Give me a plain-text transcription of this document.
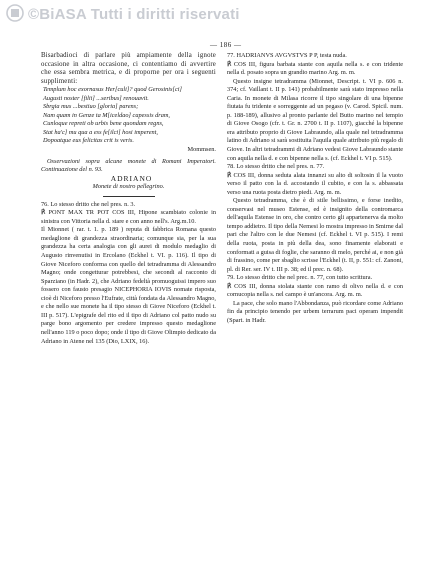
©BiASA Tutti i diritti riservati
— 186 —

Bisarbadioci di parlare più ampiamente della ignote occasione in altra occasione, ci contentiamo di avvertire che essa sembra metrica, e di proporne per ora i seguenti supplimenti:

Templum hoc exornasus Her[culi]? quod Gerosinis[ci]

Augusti noster [filii] ...seribus] renouavit.

Sbrgia mus ...bestiuo [gloria] parens;

Nam quam in Genze ta M[iceldao] capessis dram,

Cunloque repreti ob urbis bene quondam regns,

Stat ha'c] mu qua a ess fe[ilci] hosi imperent,

Dopoatque eus felicitas crit is veris.

Mommsen.

Osservazioni sopra alcune monete di Romani Imperatori. Continuazione del n. 93.

ADRIANO

Monete di nostro pellegrino.

76. Lo stesso dritto che nel pres. n. 3.

℟ PONT MAX TR POT COS III, Hipone scambiato colonie in sinistra con Vittoria nella d. stare e con anno nell's. Arg.m.10.

Il Mionnet ( rar. t. 1. p. 189 ) reputa di fabbrica Romana questo medaglione di grandezza straordinaria; comunque sia, per la sua grandezza ha certa analogia con gli aurei di modulo medaglio di Augusto rinvenutisi in Ercolano (Eckhel t. VI. p. 116). Il tipo di Giove Niceforo conforma con quello del tetradramma di Alessandro Magno; onde congetturar potrebbesi, che secondi al racconto di Sparziano (in Hadr. 2), che Adriano fedeltà promuoguissi impero suo fossero con fausto presagio NICEPHORIA IOVIS nomate risposta, cioè di Niceforo presso l'Eufrate, città fondata da Alessandro Magno, e che nello sue monete ha il tipo stesso di Giove Niceforo (Eckhel t. III p. 517). L'epigrafe del rito ed il tipo di Adriano col patto nudo su parge bono argomento per credere impresso questo medaglione nell'anno 119 o poco dopo; onde il tipo di Giove Olimpio dedicato da Adriano in Atene nel 135 (Dio, LXIX, 16).

77. HADRIANVS AVGVSTVS P P, testa nuda.

℟ COS III, figura barbata stante con aquila nella s. e con tridente nella d. posato sopra un grandio marino Arg. m. m.

Questo insigne tetradramma (Mionnet, Descript. t. VI p. 606 n. 374; cf. Vaillant t. II p. 141) probabilmente sarà stato impresso nella Caria. In monete di Milasa ricorre il tipo singolare di una bipenne fiutata fu tridente e sorreggente ad un pegaso (v. Carod. Spicil. num. p. 188-189), allusivo al pronto parlante del Butto marino nel tempio di Giove Osogo (cfr. t. Gr. n. 2700 t. II p. 1107), giacché la bipenne era attributo proprio di Giove Labraundo, alla quale nel tetradramma latino di Adriano si sarà sostituita l'aquila quale attributo più regalo di Giove. In altri tetradrammi di Adriano vedesi Giove Labraundo stante con aquila nella d. e con bipenne nella s. (cf. Eckhel t. VI p. 515).

78. Lo stesso dritto che nel pres. n. 77.

℟ COS III, donna seduta alata innanzi su alto di soltosin il la vuoto verso il patto con la d. accostando il cubito, e con la s. abbassata verso una ruota posta dietro piedi. Arg. m. m.

Questo tetradramma, che è di stile bellissimo, e forse inedito, conservasi nel museo Estense, ed è insignito della contromarca dell'aquila Estense in oro, che contro certo gli appartenerva da molto tempo addietro. Il tipo della Nemesi lo mostra impresso in Smirne dal pari che l'altro con le due Nemesi (cf. Eckhel t. VI p. 515). I remi della ruota, posta in più della dea, sono finamente elaborati e conformati a guisa di foglie, che saranno di melo, perché ai, e non già di frassino, come per sbaglio scrisse l'Eckhel (t. II, p. 551: cf. Zanoni, pl. di Rer. ser. IV t. III p. 38; ed il prec. n. 68).

79. Lo stesso dritto che nel prec. n. 77, con tutto scrittura.

℟ COS III, donna stolata stante con ramo di olivo nella d. e con cornucopia nella s. nel campo è un'ancora. Arg. m. m.

La pace, che solo mano l'Abbondanza, può ricordare come Adriano fin da principio tenendo per urbem terrarum paci operam impendit (Spart. in Hadr.
